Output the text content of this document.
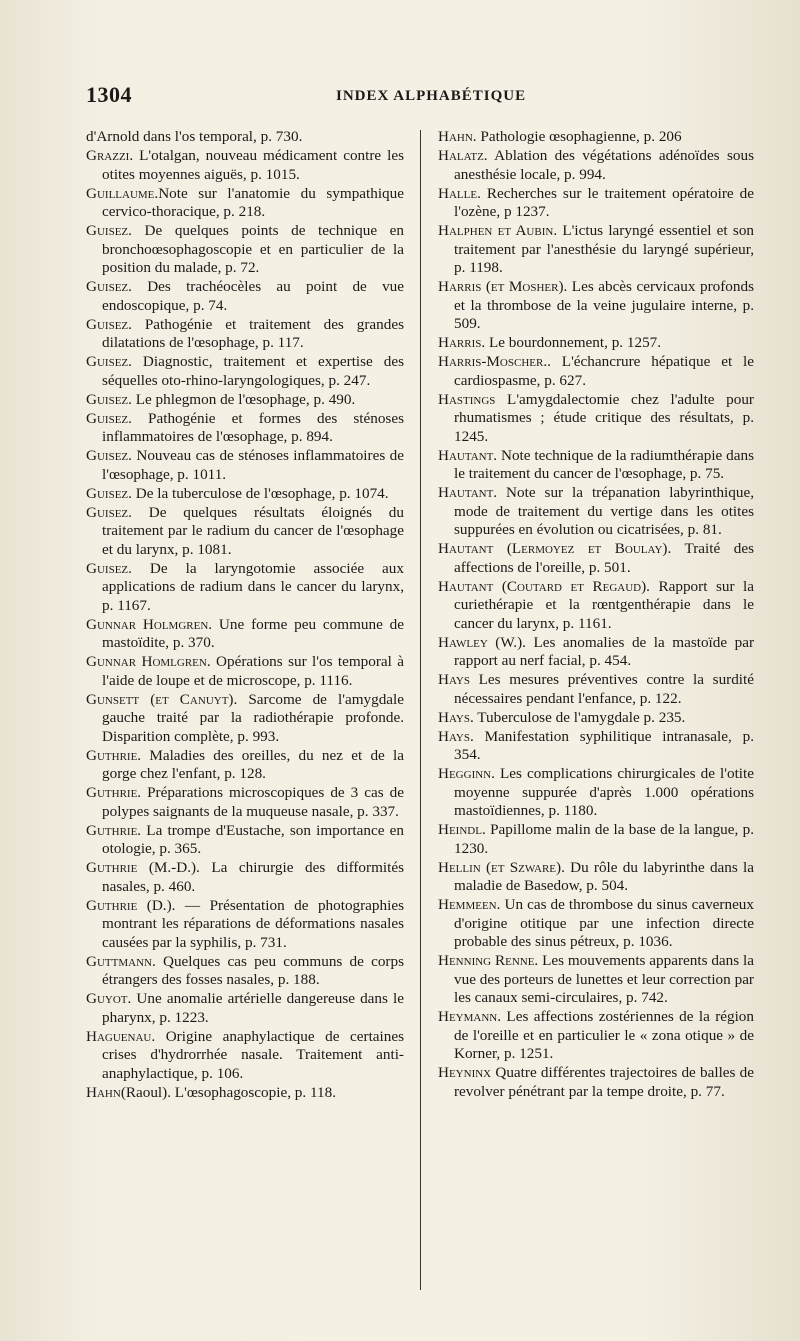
1304	INDEX ALPHABÉTIQUE

d'Arnold dans l'os temporal, p. 730.

Grazzi. L'otalgan, nouveau médicament contre les otites moyennes aiguës, p. 1015.

Guillaume.Note sur l'anatomie du sympathique cervico-thoracique, p. 218.

Guisez. De quelques points de technique en bronchoœsophagoscopie et en particulier de la position du malade, p. 72.

Guisez. Des trachéocèles au point de vue endoscopique, p. 74.

Guisez. Pathogénie et traitement des grandes dilatations de l'œsophage, p. 117.

Guisez. Diagnostic, traitement et expertise des séquelles oto-rhino-laryngologiques, p. 247.

Guisez. Le phlegmon de l'œsophage, p. 490.

Guisez. Pathogénie et formes des sténoses inflammatoires de l'œsophage, p. 894.

Guisez. Nouveau cas de sténoses inflammatoires de l'œsophage, p. 1011.

Guisez. De la tuberculose de l'œsophage, p. 1074.

Guisez. De quelques résultats éloignés du traitement par le radium du cancer de l'œsophage et du larynx, p. 1081.

Guisez. De la laryngotomie associée aux applications de radium dans le cancer du larynx, p. 1167.

Gunnar Holmgren. Une forme peu commune de mastoïdite, p. 370.

Gunnar Homlgren. Opérations sur l'os temporal à l'aide de loupe et de microscope, p. 1116.

Gunsett (et Canuyt). Sarcome de l'amygdale gauche traité par la radiothérapie profonde. Disparition complète, p. 993.

Guthrie. Maladies des oreilles, du nez et de la gorge chez l'enfant, p. 128.

Guthrie. Préparations microscopiques de 3 cas de polypes saignants de la muqueuse nasale, p. 337.

Guthrie. La trompe d'Eustache, son importance en otologie, p. 365.

Guthrie (M.-D.). La chirurgie des difformités nasales, p. 460.

Guthrie (D.). — Présentation de photographies montrant les réparations de déformations nasales causées par la syphilis, p. 731.

Guttmann. Quelques cas peu communs de corps étrangers des fosses nasales, p. 188.

Guyot. Une anomalie artérielle dangereuse dans le pharynx, p. 1223.

Haguenau. Origine anaphylactique de certaines crises d'hydrorrhée nasale. Traitement anti-anaphylactique, p. 106.

Hahn(Raoul). L'œsophagoscopie, p. 118.

Hahn. Pathologie œsophagienne, p. 206

Halatz. Ablation des végétations adénoïdes sous anesthésie locale, p. 994.

Halle. Recherches sur le traitement opératoire de l'ozène, p 1237.

Halphen et Aubin. L'ictus laryngé essentiel et son traitement par l'anesthésie du laryngé supérieur, p. 1198.

Harris (et Mosher). Les abcès cervicaux profonds et la thrombose de la veine jugulaire interne, p. 509.

Harris. Le bourdonnement, p. 1257.

Harris-Moscher.. L'échancrure hépatique et le cardiospasme, p. 627.

Hastings L'amygdalectomie chez l'adulte pour rhumatismes ; étude critique des résultats, p. 1245.

Hautant. Note technique de la radiumthérapie dans le traitement du cancer de l'œsophage, p. 75.

Hautant. Note sur la trépanation labyrinthique, mode de traitement du vertige dans les otites suppurées en évolution ou cicatrisées, p. 81.

Hautant (Lermoyez et Boulay). Traité des affections de l'oreille, p. 501.

Hautant (Coutard et Regaud). Rapport sur la curiethérapie et la rœntgenthérapie dans le cancer du larynx, p. 1161.

Hawley (W.). Les anomalies de la mastoïde par rapport au nerf facial, p. 454.

Hays Les mesures préventives contre la surdité nécessaires pendant l'enfance, p. 122.

Hays. Tuberculose de l'amygdale p. 235.

Hays. Manifestation syphilitique intranasale, p. 354.

Hegginn. Les complications chirurgicales de l'otite moyenne suppurée d'après 1.000 opérations mastoïdiennes, p. 1180.

Heindl. Papillome malin de la base de la langue, p. 1230.

Hellin (et Szware). Du rôle du labyrinthe dans la maladie de Basedow, p. 504.

Hemmeen. Un cas de thrombose du sinus caverneux d'origine otitique par une infection directe probable des sinus pétreux, p. 1036.

Henning Renne. Les mouvements apparents dans la vue des porteurs de lunettes et leur correction par les canaux semi-circulaires, p. 742.

Heymann. Les affections zostériennes de la région de l'oreille et en particulier le « zona otique » de Korner, p. 1251.

Heyninx Quatre différentes trajectoires de balles de revolver pénétrant par la tempe droite, p. 77.
